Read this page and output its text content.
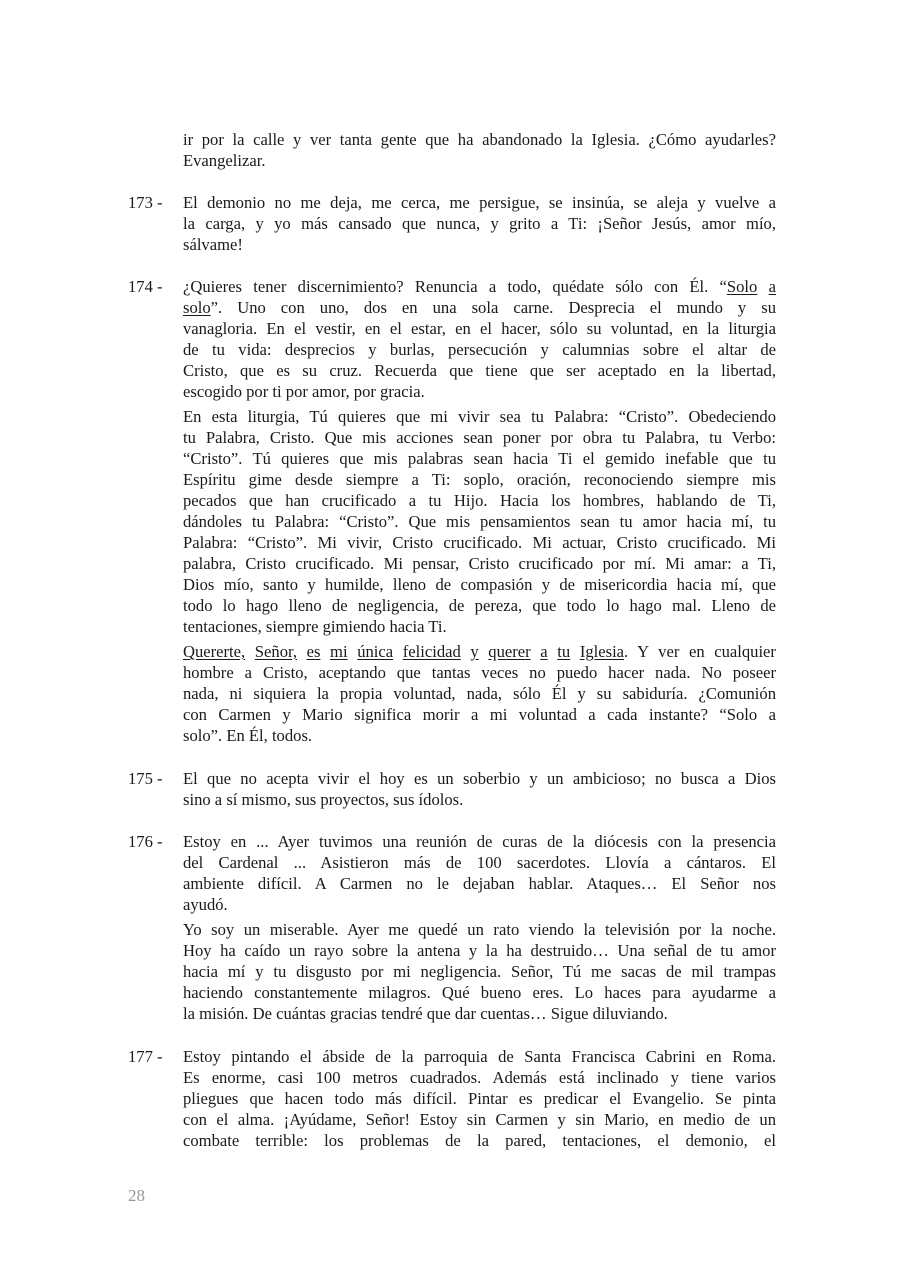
ir por la calle y ver tanta gente que ha abandonado la Iglesia. ¿Cómo ayudarles?
Evangelizar.
173 - El demonio no me deja, me cerca, me persigue, se insinúa, se aleja y vuelve a
la carga, y yo más cansado que nunca, y grito a Ti: ¡Señor Jesús, amor mío,
sálvame!
174 - ¿Quieres tener discernimiento? Renuncia a todo, quédate sólo con Él. “Solo a
solo”. Uno con uno, dos en una sola carne. Desprecia el mundo y su
vanagloria. En el vestir, en el estar, en el hacer, sólo su voluntad, en la liturgia
de tu vida: desprecios y burlas, persecución y calumnias sobre el altar de
Cristo, que es su cruz. Recuerda que tiene que ser aceptado en la libertad,
escogido por ti por amor, por gracia.
En esta liturgia, Tú quieres que mi vivir sea tu Palabra: “Cristo”. Obedeciendo
tu Palabra, Cristo. Que mis acciones sean poner por obra tu Palabra, tu Verbo:
“Cristo”. Tú quieres que mis palabras sean hacia Ti el gemido inefable que tu
Espíritu gime desde siempre a Ti: soplo, oración, reconociendo siempre mis
pecados que han crucificado a tu Hijo. Hacia los hombres, hablando de Ti,
dándoles tu Palabra: “Cristo”. Que mis pensamientos sean tu amor hacia mí, tu
Palabra: “Cristo”. Mi vivir, Cristo crucificado. Mi actuar, Cristo crucificado. Mi
palabra, Cristo crucificado. Mi pensar, Cristo crucificado por mí. Mi amar: a Ti,
Dios mío, santo y humilde, lleno de compasión y de misericordia hacia mí, que
todo lo hago lleno de negligencia, de pereza, que todo lo hago mal. Lleno de
tentaciones, siempre gimiendo hacia Ti.
Quererte, Señor, es mi única felicidad y querer a tu Iglesia. Y ver en cualquier
hombre a Cristo, aceptando que tantas veces no puedo hacer nada. No poseer
nada, ni siquiera la propia voluntad, nada, sólo Él y su sabiduría. ¿Comunión
con Carmen y Mario significa morir a mi voluntad a cada instante? “Solo a
solo”. En Él, todos.
175 - El que no acepta vivir el hoy es un soberbio y un ambicioso; no busca a Dios
sino a sí mismo, sus proyectos, sus ídolos.
176 - Estoy en ... Ayer tuvimos una reunión de curas de la diócesis con la presencia
del Cardenal ... Asistieron más de 100 sacerdotes. Llovía a cántaros. El
ambiente difícil. A Carmen no le dejaban hablar. Ataques… El Señor nos
ayudó.
Yo soy un miserable. Ayer me quedé un rato viendo la televisión por la noche.
Hoy ha caído un rayo sobre la antena y la ha destruido… Una señal de tu amor
hacia mí y tu disgusto por mi negligencia. Señor, Tú me sacas de mil trampas
haciendo constantemente milagros. Qué bueno eres. Lo haces para ayudarme a
la misión. De cuántas gracias tendré que dar cuentas… Sigue diluviando.
177 - Estoy pintando el ábside de la parroquia de Santa Francisca Cabrini en Roma.
Es enorme, casi 100 metros cuadrados. Además está inclinado y tiene varios
pliegues que hacen todo más difícil. Pintar es predicar el Evangelio. Se pinta
con el alma. ¡Ayúdame, Señor! Estoy sin Carmen y sin Mario, en medio de un
combate terrible: los problemas de la pared, tentaciones, el demonio, el
28
